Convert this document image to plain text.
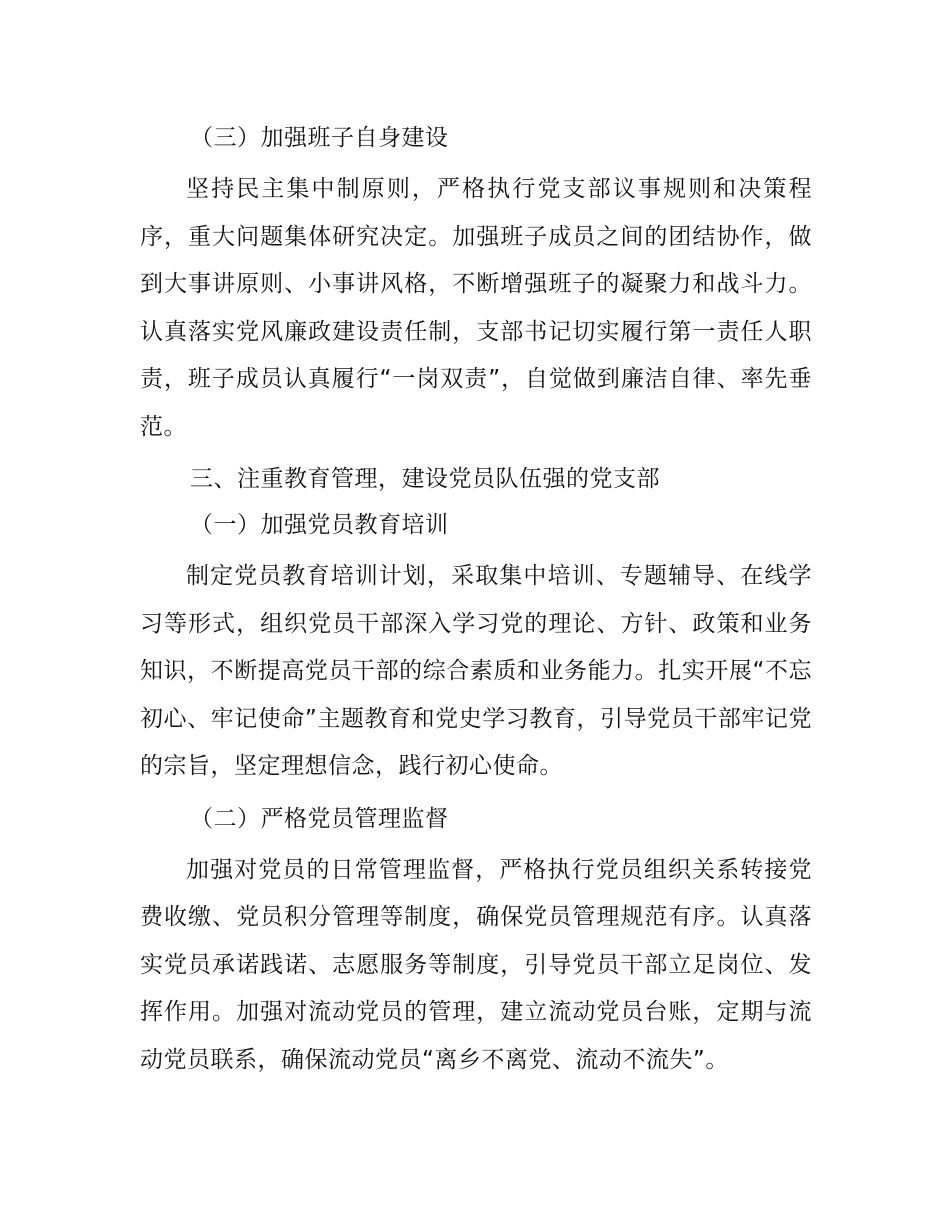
（三）加强班子自身建设

坚持民主集中制原则，严格执行党支部议事规则和决策程序，重大问题集体研究决定。加强班子成员之间的团结协作，做到大事讲原则、小事讲风格，不断增强班子的凝聚力和战斗力。认真落实党风廉政建设责任制，支部书记切实履行第一责任人职责，班子成员认真履行“一岗双责”，自觉做到廉洁自律、率先垂范。

三、注重教育管理，建设党员队伍强的党支部

（一）加强党员教育培训

制定党员教育培训计划，采取集中培训、专题辅导、在线学习等形式，组织党员干部深入学习党的理论、方针、政策和业务知识，不断提高党员干部的综合素质和业务能力。扎实开展“不忘初心、牢记使命”主题教育和党史学习教育，引导党员干部牢记党的宗旨，坚定理想信念，践行初心使命。

（二）严格党员管理监督

加强对党员的日常管理监督，严格执行党员组织关系转接党费收缴、党员积分管理等制度，确保党员管理规范有序。认真落实党员承诺践诺、志愿服务等制度，引导党员干部立足岗位、发挥作用。加强对流动党员的管理，建立流动党员台账，定期与流动党员联系，确保流动党员“离乡不离党、流动不流失”。
